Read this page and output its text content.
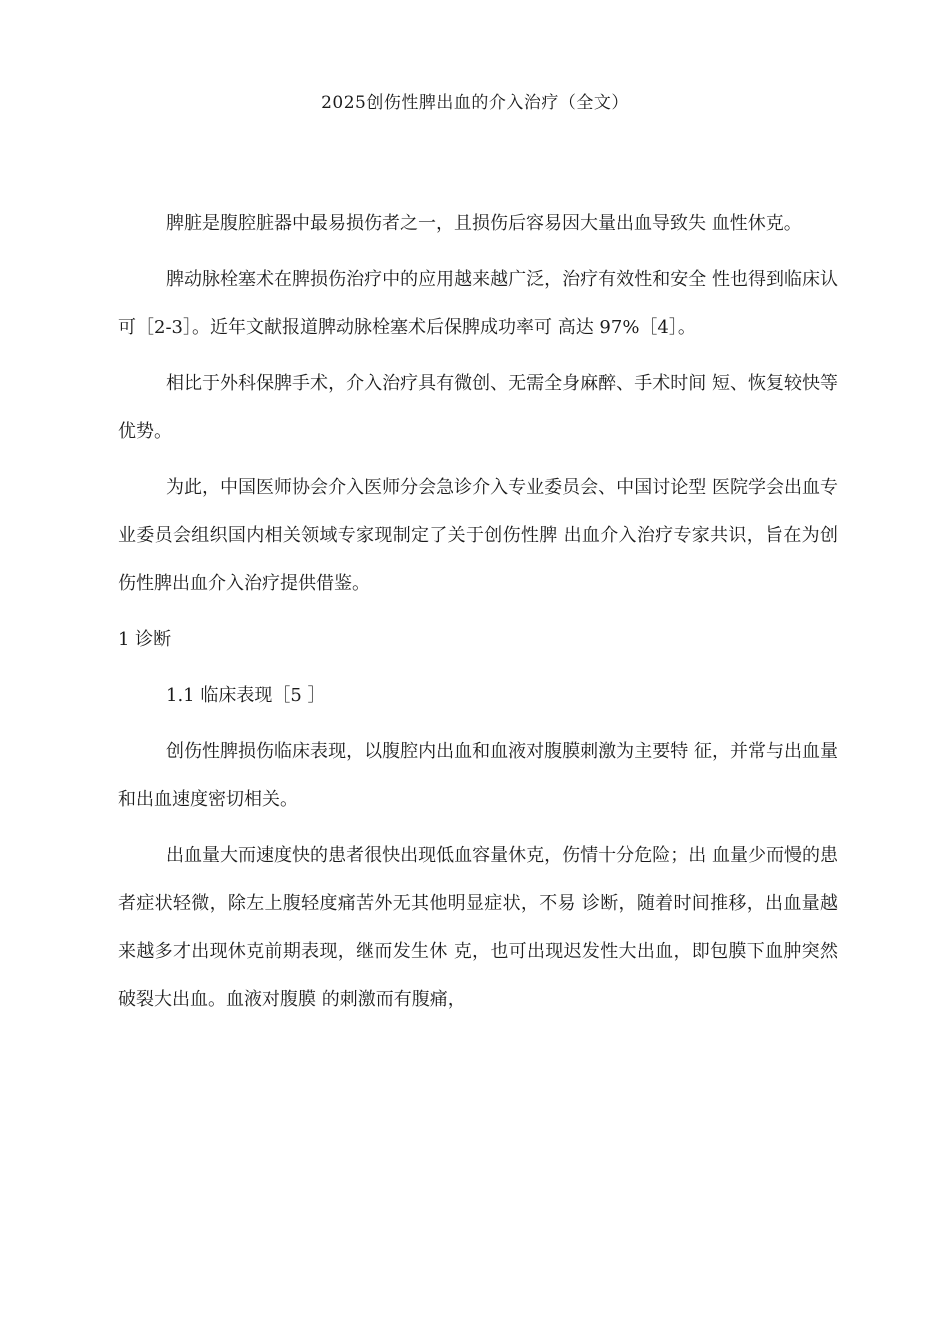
2025创伤性脾出血的介入治疗（全文）

脾脏是腹腔脏器中最易损伤者之一，且损伤后容易因大量出血导致失 血性休克。

脾动脉栓塞术在脾损伤治疗中的应用越来越广泛，治疗有效性和安全 性也得到临床认可［2-3］。近年文献报道脾动脉栓塞术后保脾成功率可 高达 97%［4］。

相比于外科保脾手术，介入治疗具有微创、无需全身麻醉、手术时间 短、恢复较快等优势。

为此，中国医师协会介入医师分会急诊介入专业委员会、中国讨论型 医院学会出血专业委员会组织国内相关领域专家现制定了关于创伤性脾 出血介入治疗专家共识，旨在为创伤性脾出血介入治疗提供借鉴。

1 诊断

1.1 临床表现［5 ］

创伤性脾损伤临床表现，以腹腔内出血和血液对腹膜刺激为主要特 征，并常与出血量和出血速度密切相关。

出血量大而速度快的患者很快出现低血容量休克，伤情十分危险；出 血量少而慢的患者症状轻微，除左上腹轻度痛苦外无其他明显症状，不易 诊断，随着时间推移，出血量越来越多才出现休克前期表现，继而发生休 克，也可出现迟发性大出血，即包膜下血肿突然破裂大出血。血液对腹膜 的刺激而有腹痛，
